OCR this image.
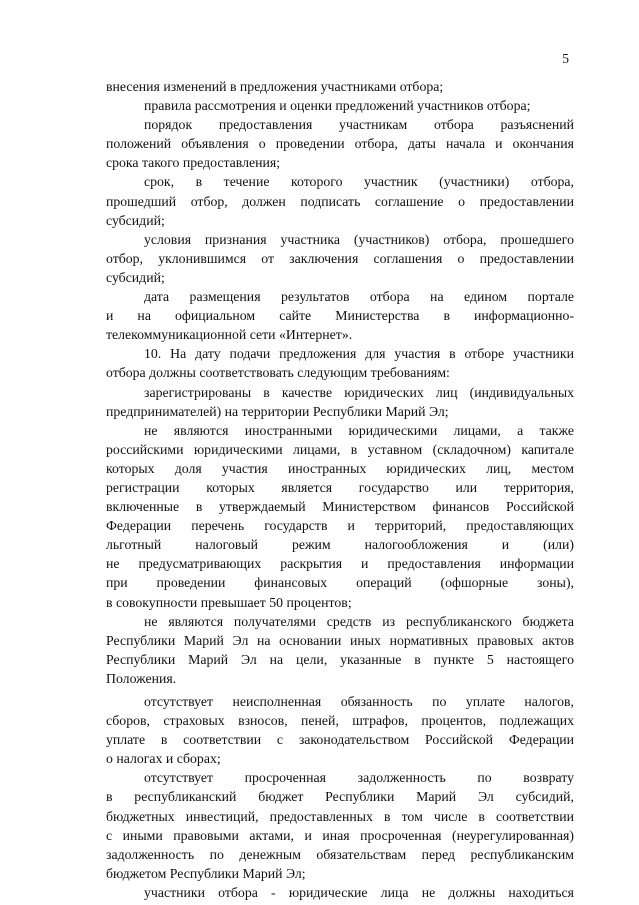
5
внесения изменений в предложения участниками отбора;
правила рассмотрения и оценки предложений участников отбора;
порядок предоставления участникам отбора разъяснений
положений объявления о проведении отбора, даты начала и окончания
срока такого предоставления;
срок, в течение которого участник (участники) отбора,
прошедший отбор, должен подписать соглашение о предоставлении
субсидий;
условия признания участника (участников) отбора, прошедшего
отбор, уклонившимся от заключения соглашения о предоставлении
субсидий;
дата размещения результатов отбора на едином портале
и на официальном сайте Министерства в информационно-
телекоммуникационной сети «Интернет».
10. На дату подачи предложения для участия в отборе участники
отбора должны соответствовать следующим требованиям:
зарегистрированы в качестве юридических лиц (индивидуальных
предпринимателей) на территории Республики Марий Эл;
не являются иностранными юридическими лицами, а также
российскими юридическими лицами, в уставном (складочном) капитале
которых доля участия иностранных юридических лиц, местом
регистрации которых является государство или территория,
включенные в утверждаемый Министерством финансов Российской
Федерации перечень государств и территорий, предоставляющих
льготный налоговый режим налогообложения и (или)
не предусматривающих раскрытия и предоставления информации
при проведении финансовых операций (офшорные зоны),
в совокупности превышает 50 процентов;
не являются получателями средств из республиканского бюджета
Республики Марий Эл на основании иных нормативных правовых актов
Республики Марий Эл на цели, указанные в пункте 5 настоящего
Положения.
отсутствует неисполненная обязанность по уплате налогов,
сборов, страховых взносов, пеней, штрафов, процентов, подлежащих
уплате в соответствии с законодательством Российской Федерации
о налогах и сборах;
отсутствует просроченная задолженность по возврату
в республиканский бюджет Республики Марий Эл субсидий,
бюджетных инвестиций, предоставленных в том числе в соответствии
с иными правовыми актами, и иная просроченная (неурегулированная)
задолженность по денежным обязательствам перед республиканским
бюджетом Республики Марий Эл;
участники отбора - юридические лица не должны находиться
